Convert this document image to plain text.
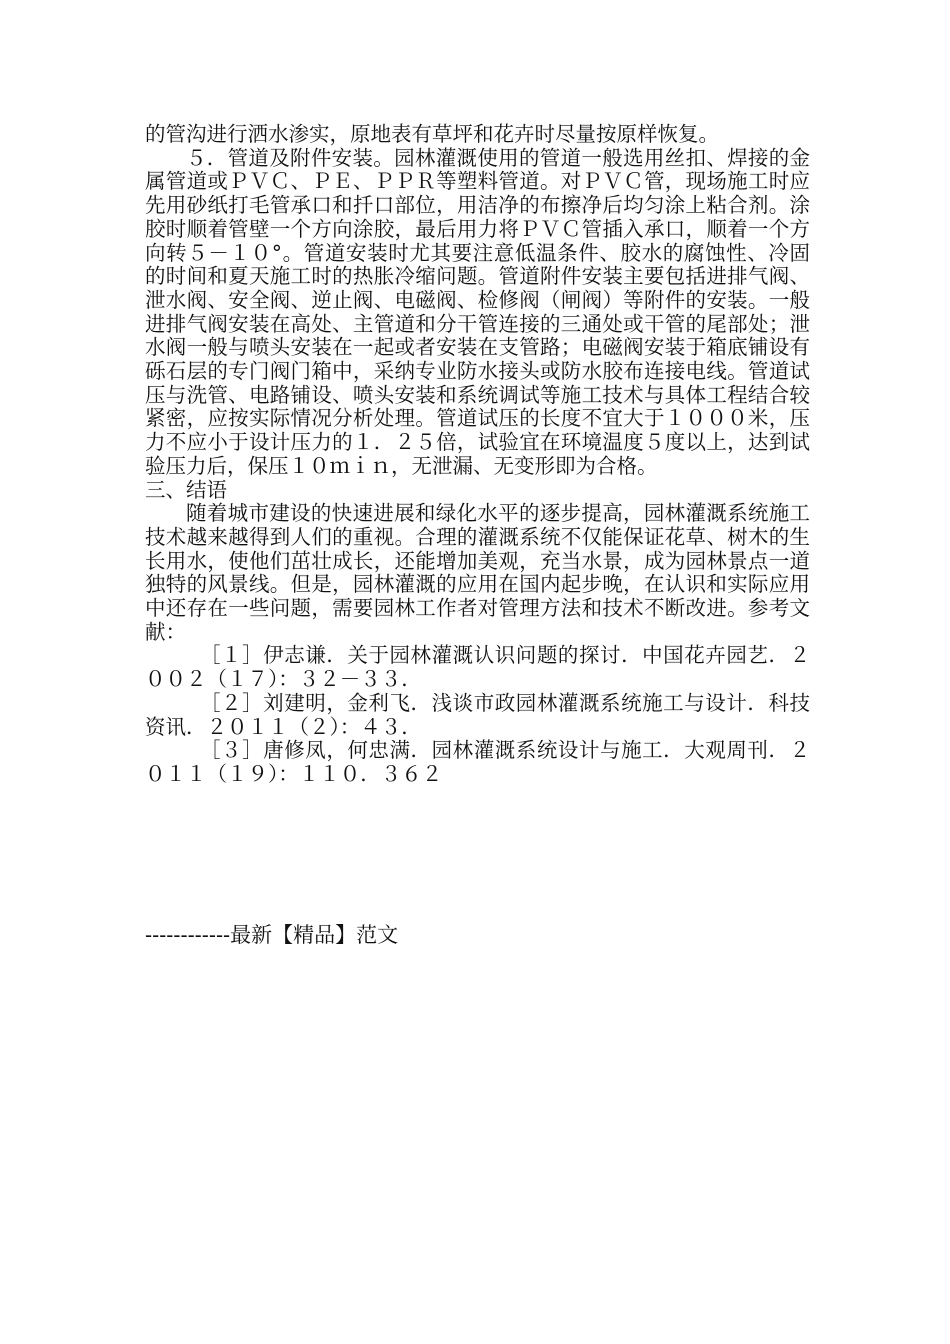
的管沟进行洒水渗实，原地表有草坪和花卉时尽量按原样恢复。

５．管道及附件安装。园林灌溉使用的管道一般选用丝扣、焊接的金属管道或ＰＶＣ、ＰＥ、ＰＰＲ等塑料管道。对ＰＶＣ管，现场施工时应先用砂纸打毛管承口和扦口部位，用洁净的布擦净后均匀涂上粘合剂。涂胶时顺着管壁一个方向涂胶，最后用力将ＰＶＣ管插入承口，顺着一个方向转５－１０°。管道安装时尤其要注意低温条件、胶水的腐蚀性、冷固的时间和夏天施工时的热胀冷缩问题。管道附件安装主要包括进排气阀、泄水阀、安全阀、逆止阀、电磁阀、检修阀（闸阀）等附件的安装。一般进排气阀安装在高处、主管道和分干管连接的三通处或干管的尾部处；泄水阀一般与喷头安装在一起或者安装在支管路；电磁阀安装于箱底铺设有砾石层的专门阀门箱中，采纳专业防水接头或防水胶布连接电线。管道试压与洗管、电路铺设、喷头安装和系统调试等施工技术与具体工程结合较紧密，应按实际情况分析处理。管道试压的长度不宜大于１０００米，压力不应小于设计压力的１．２５倍，试验宜在环境温度５度以上，达到试验压力后，保压１０ｍｉｎ，无泄漏、无变形即为合格。

三、结语

随着城市建设的快速进展和绿化水平的逐步提高，园林灌溉系统施工技术越来越得到人们的重视。合理的灌溉系统不仅能保证花草、树木的生长用水，使他们茁壮成长，还能增加美观，充当水景，成为园林景点一道独特的风景线。但是，园林灌溉的应用在国内起步晚，在认识和实际应用中还存在一些问题，需要园林工作者对管理方法和技术不断改进。参考文献：

［１］伊志谦．关于园林灌溉认识问题的探讨．中国花卉园艺．２００２（１７）：３２－３３．

［２］刘建明，金利飞．浅谈市政园林灌溉系统施工与设计．科技资讯．２０１１（２）：４３．

［３］唐修凤，何忠满．园林灌溉系统设计与施工．大观周刊．２０１１（１９）：１１０．３６２

------------最新【精品】范文
